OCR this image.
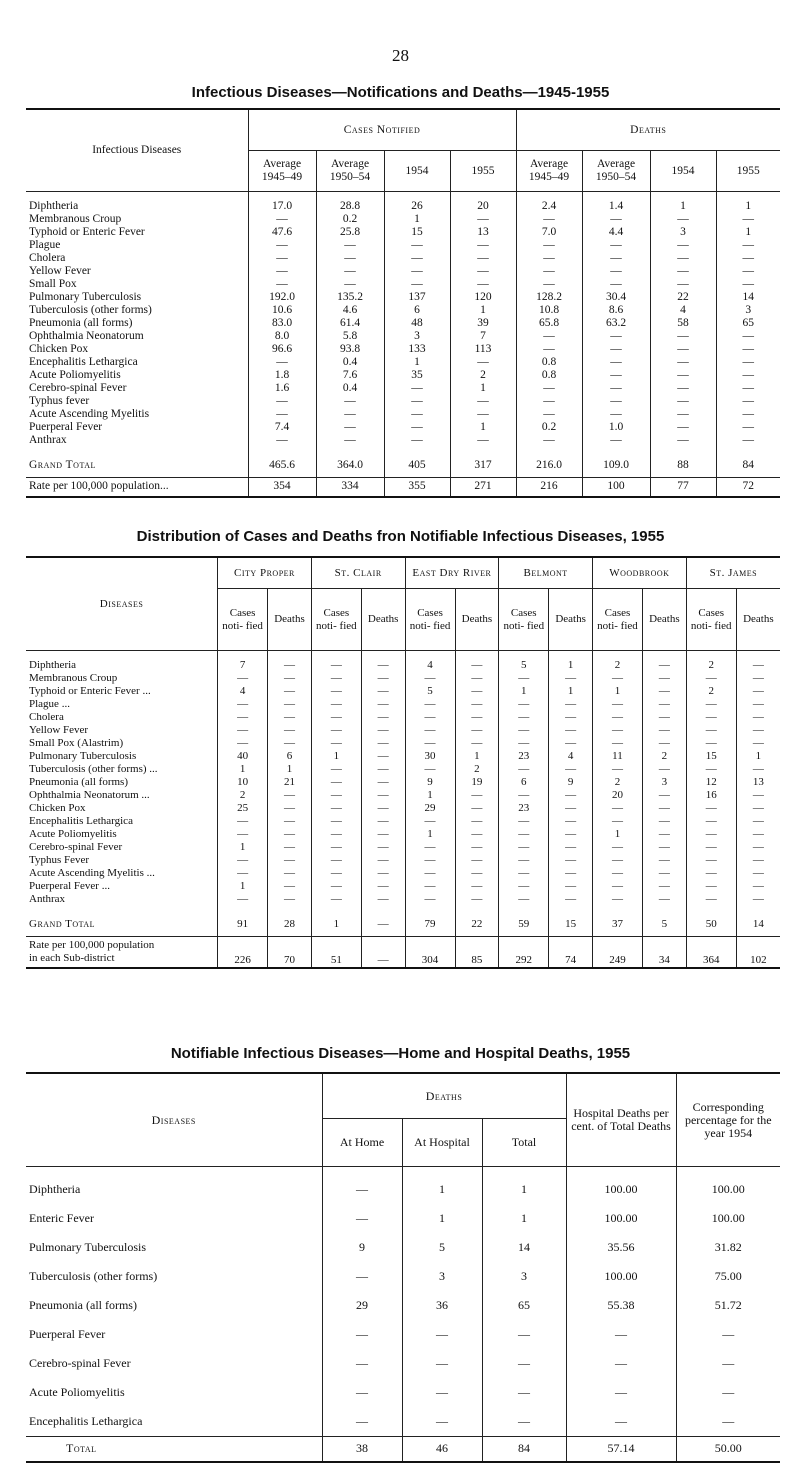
28
Infectious Diseases—Notifications and Deaths—1945-1955
Infectious Diseases	Cases Notified				Deaths			
	Average 1945–49	Average 1950–54	1954	1955	Average 1945–49	Average 1950–54	1954	1955

Diphtheria	17.0	28.8	26	20	2.4	1.4	1	1
Membranous Croup	—	0.2	1	—	—	—	—	—
Typhoid or Enteric Fever	47.6	25.8	15	13	7.0	4.4	3	1
Plague	—	—	—	—	—	—	—	—
Cholera	—	—	—	—	—	—	—	—
Yellow Fever	—	—	—	—	—	—	—	—
Small Pox	—	—	—	—	—	—	—	—
Pulmonary Tuberculosis	192.0	135.2	137	120	128.2	30.4	22	14
Tuberculosis (other forms)	10.6	4.6	6	1	10.8	8.6	4	3
Pneumonia (all forms)	83.0	61.4	48	39	65.8	63.2	58	65
Ophthalmia Neonatorum	8.0	5.8	3	7	—	—	—	—
Chicken Pox	96.6	93.8	133	113	—	—	—	—
Encephalitis Lethargica	—	0.4	1	—	0.8	—	—	—
Acute Poliomyelitis	1.8	7.6	35	2	0.8	—	—	—
Cerebro-spinal Fever	1.6	0.4	—	1	—	—	—	—
Typhus fever	—	—	—	—	—	—	—	—
Acute Ascending Myelitis	—	—	—	—	—	—	—	—
Puerperal Fever	7.4	—	—	1	0.2	1.0	—	—
Anthrax	—	—	—	—	—	—	—	—

Grand Total	465.6	364.0	405	317	216.0	109.0	88	84
Rate per 100,000 population...	354	334	355	271	216	100	77	72
Distribution of Cases and Deaths fron Notifiable Infectious Diseases, 1955
Diseases	City Proper		St. Clair		East Dry River		Belmont		Woodbrook		St. James	
	Cases noti- fied	Deaths	Cases noti- fied	Deaths	Cases noti- fied	Deaths	Cases noti- fied	Deaths	Cases noti- fied	Deaths	Cases noti- fied	Deaths

Diphtheria	7	—	—	—	4	—	5	1	2	—	2	—
Membranous Croup	—	—	—	—	—	—	—	—	—	—	—	—
Typhoid or Enteric Fever ...	4	—	—	—	5	—	1	1	1	—	2	—
Plague ...	—	—	—	—	—	—	—	—	—	—	—	—
Cholera	—	—	—	—	—	—	—	—	—	—	—	—
Yellow Fever	—	—	—	—	—	—	—	—	—	—	—	—
Small Pox (Alastrim)	—	—	—	—	—	—	—	—	—	—	—	—
Pulmonary Tuberculosis	40	6	1	—	30	1	23	4	11	2	15	1
Tuberculosis (other forms) ...	1	1	—	—	—	2	—	—	—	—	—	—
Pneumonia (all forms)	10	21	—	—	9	19	6	9	2	3	12	13
Ophthalmia Neonatorum ...	2	—	—	—	1	—	—	—	20	—	16	—
Chicken Pox	25	—	—	—	29	—	23	—	—	—	—	—
Encephalitis Lethargica	—	—	—	—	—	—	—	—	—	—	—	—
Acute Poliomyelitis	—	—	—	—	1	—	—	—	1	—	—	—
Cerebro-spinal Fever	1	—	—	—	—	—	—	—	—	—	—	—
Typhus Fever	—	—	—	—	—	—	—	—	—	—	—	—
Acute Ascending Myelitis ...	—	—	—	—	—	—	—	—	—	—	—	—
Puerperal Fever ...	1	—	—	—	—	—	—	—	—	—	—	—
Anthrax	—	—	—	—	—	—	—	—	—	—	—	—

Grand Total	91	28	1	—	79	22	59	15	37	5	50	14

Rate per 100,000 population
in each Sub-district	226	70	51	—	304	85	292	74	249	34	364	102
Notifiable Infectious Diseases—Home and Hospital Deaths, 1955
Diseases	Deaths			Hospital Deaths per cent. of Total Deaths	Corresponding percentage for the year 1954
	At Home	At Hospital	Total		

Diphtheria	—	1	1	100.00	100.00
Enteric Fever	—	1	1	100.00	100.00
Pulmonary Tuberculosis	9	5	14	35.56	31.82
Tuberculosis (other forms)	—	3	3	100.00	75.00
Pneumonia (all forms)	29	36	65	55.38	51.72
Puerperal Fever	—	—	—	—	—
Cerebro-spinal Fever	—	—	—	—	—
Acute Poliomyelitis	—	—	—	—	—
Encephalitis Lethargica	—	—	—	—	—
Total	38	46	84	57.14	50.00
